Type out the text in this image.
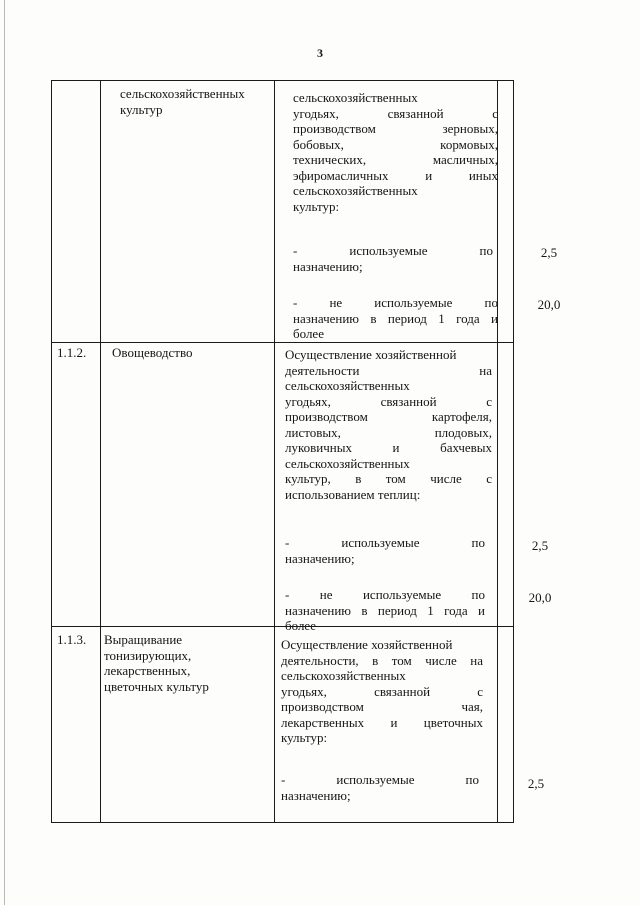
3
сельскохозяйственных
культур
сельскохозяйственных
угодьях, связанной с
производством зерновых,
бобовых, кормовых,
технических, масличных,
эфиромасличных и иных
сельскохозяйственных
культур:
- используемые по
назначению;
2,5
- не используемые по
назначению в период 1 года и
более
20,0
1.1.2. Овощеводство	Осуществление хозяйственной
деятельности на
сельскохозяйственных
угодьях, связанной с
производством картофеля,
листовых, плодовых,
луковичных и бахчевых
сельскохозяйственных
культур, в том числе с
использованием теплиц:
- используемые по
назначению;
2,5
- не используемые по
назначению в период 1 года и
более
20,0
1.1.3. Выращивание
тонизирующих,
лекарственных,
цветочных культур
Осуществление хозяйственной
деятельности, в том числе на
сельскохозяйственных
угодьях, связанной с
производством чая,
лекарственных и цветочных
культур:
- используемые по
назначению;
2,5
